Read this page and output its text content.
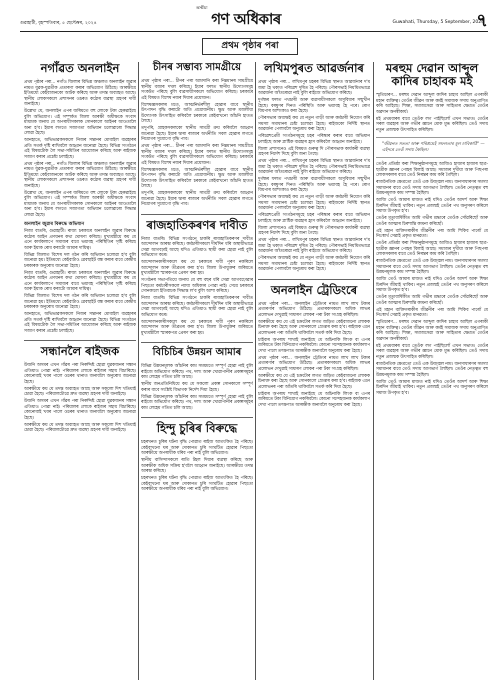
গুৱাহাটী, বৃহস্পতিবাৰ, ৫ ছেপ্টেম্বৰ, ২০২৪
অসমীয়া
গণ অধিকাৰ	Guwahati, Thursday, 5 September, 2024
৭
প্ৰথম পৃষ্ঠাৰ পৰা
নগাঁৱত অনলাইন

প্ৰথম পৃষ্ঠাৰ পৰা... নগাঁও জিলাৰ বিভিন্ন অঞ্চলত অনলাইন জুৱাৰ নামত যুৱক-যুৱতীক প্ৰতাৰণা কৰাৰ অভিযোগ উঠিছে। আৰক্ষীয়ে ইতিমধ্যে কেইবাজনকো আটক কৰিছে আৰু তদন্ত অব্যাহত আছে। স্থানীয় লোকসকলে প্ৰশাসনৰ ওচৰত কঠোৰ ব্যৱস্থা গ্ৰহণৰ দাবী জনাইছে।

উল্লেখ্য যে, অনলাইন এপৰ জৰিয়তে বহু লোকে টকা হেৰুৱাইছে বুলি অভিযোগ। এই সম্পৰ্কত জিলা আৰক্ষী অধীক্ষকে সংবাদ মাধ্যমক জনায় যে অপৰাধীসকলক সোনকালে আইনৰ আওতালৈ অনা হ'ব। ইয়াৰ লগতে সজাগতা অভিযান চলোৱাৰো সিদ্ধান্ত লোৱা হৈছে।

আনহাতে, অভিভাৱকসকলে নিজৰ সন্তানৰ মোবাইল ব্যৱহাৰৰ প্ৰতি সতৰ্ক দৃষ্টি ৰাখিবলৈ আহ্বান জনোৱা হৈছে। বিভিন্ন সংগঠনে এই বিষয়টোক লৈ সভা-সমিতিৰ আয়োজন কৰিছে আৰু ৰাইজক সজাগ কৰাৰ প্ৰচেষ্টা চলাইছে।

প্ৰথম পৃষ্ঠাৰ পৰা... নগাঁও জিলাৰ বিভিন্ন অঞ্চলত অনলাইন জুৱাৰ নামত যুৱক-যুৱতীক প্ৰতাৰণা কৰাৰ অভিযোগ উঠিছে। আৰক্ষীয়ে ইতিমধ্যে কেইবাজনকো আটক কৰিছে আৰু তদন্ত অব্যাহত আছে। স্থানীয় লোকসকলে প্ৰশাসনৰ ওচৰত কঠোৰ ব্যৱস্থা গ্ৰহণৰ দাবী জনাইছে।

উল্লেখ্য যে, অনলাইন এপৰ জৰিয়তে বহু লোকে টকা হেৰুৱাইছে বুলি অভিযোগ। এই সম্পৰ্কত জিলা আৰক্ষী অধীক্ষকে সংবাদ মাধ্যমক জনায় যে অপৰাধীসকলক সোনকালে আইনৰ আওতালৈ অনা হ'ব। ইয়াৰ লগতে সজাগতা অভিযান চলোৱাৰো সিদ্ধান্ত লোৱা হৈছে।

অনলাইন জুৱাৰ বিৰুদ্ধে অভিযান

নিজা বাতৰি, গুৱাহাটী। ৰাজ্য চৰকাৰে অনলাইন জুৱাৰ বিৰুদ্ধে কঠোৰ আইন প্ৰণয়নৰ কথা ঘোষণা কৰিছে। মুখ্যমন্ত্ৰীয়ে কয় যে এনে কাৰ্যকলাপে সমাজৰ বাবে ভয়াবহ পৰিস্থিতিৰ সৃষ্টি কৰিছে আৰু ইয়াক ৰোধ কৰাটো আমাৰ দায়িত্ব।

বিভিন্ন জিলাত বিশেষ দল গঠন কৰি অভিযান চলোৱা হ'ব বুলি জনোৱা হয়। ইতিমধ্যে কেইবাটাও ৱেবছাইট বন্ধ কৰাৰ বাবে কেন্দ্ৰীয় চৰকাৰক অনুৰোধ জনোৱা হৈছে।

নিজা বাতৰি, গুৱাহাটী। ৰাজ্য চৰকাৰে অনলাইন জুৱাৰ বিৰুদ্ধে কঠোৰ আইন প্ৰণয়নৰ কথা ঘোষণা কৰিছে। মুখ্যমন্ত্ৰীয়ে কয় যে এনে কাৰ্যকলাপে সমাজৰ বাবে ভয়াবহ পৰিস্থিতিৰ সৃষ্টি কৰিছে আৰু ইয়াক ৰোধ কৰাটো আমাৰ দায়িত্ব।

বিভিন্ন জিলাত বিশেষ দল গঠন কৰি অভিযান চলোৱা হ'ব বুলি জনোৱা হয়। ইতিমধ্যে কেইবাটাও ৱেবছাইট বন্ধ কৰাৰ বাবে কেন্দ্ৰীয় চৰকাৰক অনুৰোধ জনোৱা হৈছে।

আনহাতে, অভিভাৱকসকলে নিজৰ সন্তানৰ মোবাইল ব্যৱহাৰৰ প্ৰতি সতৰ্ক দৃষ্টি ৰাখিবলৈ আহ্বান জনোৱা হৈছে। বিভিন্ন সংগঠনে এই বিষয়টোক লৈ সভা-সমিতিৰ আয়োজন কৰিছে আৰু ৰাইজক সজাগ কৰাৰ প্ৰচেষ্টা চলাইছে।

সন্ধানলৈ ৰাইজক

উজনি অসমৰ এখন গাঁৱৰ পৰা নিৰুদ্দিষ্ট হোৱা যুৱকজনৰ সন্ধান এতিয়াও পোৱা নাই। পৰিয়ালৰ লোকে ৰাইজৰ সহায় বিচাৰিছে। কোনোবাই খবৰ পালে ওচৰৰ থানাত জনাবলৈ অনুৰোধ জনোৱা হৈছে।

আৰক্ষীয়ে কয় যে তদন্ত অব্যাহত আছে আৰু সকলো দিশ খতিয়াই চোৱা হৈছে। পৰিয়ালটোৱে দ্ৰুত ব্যৱস্থা গ্ৰহণৰ দাবী জনাইছে।

উজনি অসমৰ এখন গাঁৱৰ পৰা নিৰুদ্দিষ্ট হোৱা যুৱকজনৰ সন্ধান এতিয়াও পোৱা নাই। পৰিয়ালৰ লোকে ৰাইজৰ সহায় বিচাৰিছে। কোনোবাই খবৰ পালে ওচৰৰ থানাত জনাবলৈ অনুৰোধ জনোৱা হৈছে।

আৰক্ষীয়ে কয় যে তদন্ত অব্যাহত আছে আৰু সকলো দিশ খতিয়াই চোৱা হৈছে। পৰিয়ালটোৱে দ্ৰুত ব্যৱস্থা গ্ৰহণৰ দাবী জনাইছে।

চীনৰ সম্ভাব্য সামগ্ৰীয়ে

প্ৰথম পৃষ্ঠাৰ পৰা... চীনৰ পৰা আমদানি কৰা নিম্নমানৰ সামগ্ৰীয়ে স্থানীয় বজাৰ দখল কৰিছে। ইয়াৰ ফলত স্থানীয় উদ্যোগসমূহ সংকটত পৰিছে বুলি ব্যৱসায়ীসকলে অভিযোগ কৰিছে। চৰকাৰে এই বিষয়ত বিশেষ নজৰ দিয়াৰ প্ৰয়োজন।

বিশেষজ্ঞসকলৰ মতে, আত্মনিৰ্ভৰশীল হোৱাৰ বাবে স্থানীয় উৎপাদন বৃদ্ধি কৰাটো অতি প্ৰয়োজনীয়। ক্ষুদ্ৰ আৰু মজলীয়া উদ্যোগক উৎসাহিত কৰিবলৈ চৰকাৰে কেইবাখনো আঁচনি হাতত লৈছে।

তদুপৰি, গ্ৰাহকসকলকো স্থানীয় সামগ্ৰী ক্ৰয় কৰিবলৈ আহ্বান জনোৱা হৈছে। ইয়াৰ দ্বাৰা ৰাজ্যৰ অৰ্থনীতি সবল হোৱাৰ লগতে নিয়োগৰ সুযোগো বৃদ্ধি পাব।

প্ৰথম পৃষ্ঠাৰ পৰা... চীনৰ পৰা আমদানি কৰা নিম্নমানৰ সামগ্ৰীয়ে স্থানীয় বজাৰ দখল কৰিছে। ইয়াৰ ফলত স্থানীয় উদ্যোগসমূহ সংকটত পৰিছে বুলি ব্যৱসায়ীসকলে অভিযোগ কৰিছে। চৰকাৰে এই বিষয়ত বিশেষ নজৰ দিয়াৰ প্ৰয়োজন।

বিশেষজ্ঞসকলৰ মতে, আত্মনিৰ্ভৰশীল হোৱাৰ বাবে স্থানীয় উৎপাদন বৃদ্ধি কৰাটো অতি প্ৰয়োজনীয়। ক্ষুদ্ৰ আৰু মজলীয়া উদ্যোগক উৎসাহিত কৰিবলৈ চৰকাৰে কেইবাখনো আঁচনি হাতত লৈছে।

তদুপৰি, গ্ৰাহকসকলকো স্থানীয় সামগ্ৰী ক্ৰয় কৰিবলৈ আহ্বান জনোৱা হৈছে। ইয়াৰ দ্বাৰা ৰাজ্যৰ অৰ্থনীতি সবল হোৱাৰ লগতে নিয়োগৰ সুযোগো বৃদ্ধি পাব।

ৰাজহাতিকৰণৰ দাবীত

নিজা বাতৰি। বিভিন্ন সংগঠনে চাকৰি ৰাজহাতিকৰণৰ দাবীত আন্দোলন আৰম্ভ কৰিছে। কৰ্মচাৰীসকলে দীৰ্ঘদিন ধৰি অস্থায়ীভাৱে সেৱা আগবঢ়াই আছে যদিও এতিয়াও স্থায়ী কৰা হোৱা নাই বুলি অভিযোগ কৰে।

আন্দোলনকাৰীসকলে কয় যে চৰকাৰে দাবী পূৰণ নকৰিলে আন্দোলন আৰু তীব্ৰতৰ কৰা হ'ব। জিলা উপায়ুক্তৰ জৰিয়তে মুখ্যমন্ত্ৰীলৈ স্মাৰকপত্ৰ প্ৰেৰণ কৰা হয়।

সংগঠনৰ সভাপতিয়ে জনায় যে বহু বছৰ ধৰি সেৱা আগবঢ়োৱাৰ পিছতো কৰ্মচাৰীসকলে ন্যায্য অধিকাৰ পোৱা নাই। সেয়ে চৰকাৰে সোনকালে ইতিবাচক সিদ্ধান্ত ল'ব বুলি আশা কৰিছে।

নিজা বাতৰি। বিভিন্ন সংগঠনে চাকৰি ৰাজহাতিকৰণৰ দাবীত আন্দোলন আৰম্ভ কৰিছে। কৰ্মচাৰীসকলে দীৰ্ঘদিন ধৰি অস্থায়ীভাৱে সেৱা আগবঢ়াই আছে যদিও এতিয়াও স্থায়ী কৰা হোৱা নাই বুলি অভিযোগ কৰে।

আন্দোলনকাৰীসকলে কয় যে চৰকাৰে দাবী পূৰণ নকৰিলে আন্দোলন আৰু তীব্ৰতৰ কৰা হ'ব। জিলা উপায়ুক্তৰ জৰিয়তে মুখ্যমন্ত্ৰীলৈ স্মাৰকপত্ৰ প্ৰেৰণ কৰা হয়।

বিচিচিৰ উন্নয়ন আমাৰ

বিভিন্ন উন্নয়নমূলক আঁচনিৰ কাম সময়মতে সম্পূৰ্ণ হোৱা নাই বুলি ৰাইজে অভিযোগ কৰিছে। পথ, দলং আৰু খোৱাপানীৰ প্ৰকল্পসমূহৰ কাম লেহেম গতিত চলি আছে।

স্থানীয় জনপ্ৰতিনিধিয়ে কয় যে সকলো প্ৰকল্প সোনকালে সম্পূৰ্ণ কৰাৰ বাবে সংশ্লিষ্ট বিভাগক নিৰ্দেশ দিয়া হৈছে।

বিভিন্ন উন্নয়নমূলক আঁচনিৰ কাম সময়মতে সম্পূৰ্ণ হোৱা নাই বুলি ৰাইজে অভিযোগ কৰিছে। পথ, দলং আৰু খোৱাপানীৰ প্ৰকল্পসমূহৰ কাম লেহেম গতিত চলি আছে।

হিন্দু চুৰিৰ বিৰুদ্ধে

চহৰখনত চুৰিৰ ঘটনা বৃদ্ধি পোৱাত ৰাইজ আতংকিত হৈ পৰিছে। কেইবাখনো ঘৰ আৰু দোকানত চুৰি সংঘটিত হোৱাৰ পিছতো আৰক্ষীয়ে অপৰাধীক ধৰিব পৰা নাই বুলি অভিযোগ।

স্থানীয় বাসিন্দাসকলে ৰাতি টহল দিয়াৰ ব্যৱস্থা কৰিছে আৰু আৰক্ষীক অধিক সক্ৰিয় হ'বলৈ আহ্বান জনাইছে। আৰক্ষীয়ে তদন্ত আৰম্ভ কৰিছে।

চহৰখনত চুৰিৰ ঘটনা বৃদ্ধি পোৱাত ৰাইজ আতংকিত হৈ পৰিছে। কেইবাখনো ঘৰ আৰু দোকানত চুৰি সংঘটিত হোৱাৰ পিছতো আৰক্ষীয়ে অপৰাধীক ধৰিব পৰা নাই বুলি অভিযোগ।

লখিমপুৰত আৱৰ্জনাৰ

প্ৰথম পৃষ্ঠাৰ পৰা... লখিমপুৰ চহৰৰ বিভিন্ন স্থানত আৱৰ্জনাৰ দ'ম জমা হৈ থকাত পৰিৱেশ দূষিত হৈ পৰিছে। পৌৰসভাই নিয়মিতভাৱে আৱৰ্জনা আঁতৰোৱা নাই বুলি ৰাইজে অভিযোগ কৰিছে।

দুৰ্গন্ধৰ ফলত পথচাৰী আৰু ব্যৱসায়ীসকলে অসুবিধাৰ সন্মুখীন হৈছে। বৰষুণৰ দিনত পৰিস্থিতি আৰু ভয়াবহ হৈ পৰে। ৰোগ বিয়পাৰ আশংকাও কৰা হৈছে।

পৌৰসভাৰ অধ্যক্ষই কয় যে নতুন গাড়ী আৰু কৰ্মচাৰী নিয়োগ কৰি সমস্যা সমাধানৰ চেষ্টা চলোৱা হৈছে। ৰাইজকো নিৰ্দিষ্ট স্থানত আৱৰ্জনা পেলাবলৈ অনুৰোধ কৰা হৈছে।

পৰিৱেশপ্ৰেমী সংগঠনসমূহে চহৰ পৰিষ্কাৰ কৰাৰ বাবে অভিযান চলাইছে আৰু প্লাষ্টিক ব্যৱহাৰ হ্ৰাস কৰিবলৈ আহ্বান জনাইছে।

জিলা প্ৰশাসনেও এই বিষয়ত গুৰুত্ব দি পৌৰসভাক কাৰ্যকৰী ব্যৱস্থা গ্ৰহণৰ নিৰ্দেশ দিছে বুলি জনা গৈছে।

প্ৰথম পৃষ্ঠাৰ পৰা... লখিমপুৰ চহৰৰ বিভিন্ন স্থানত আৱৰ্জনাৰ দ'ম জমা হৈ থকাত পৰিৱেশ দূষিত হৈ পৰিছে। পৌৰসভাই নিয়মিতভাৱে আৱৰ্জনা আঁতৰোৱা নাই বুলি ৰাইজে অভিযোগ কৰিছে।

দুৰ্গন্ধৰ ফলত পথচাৰী আৰু ব্যৱসায়ীসকলে অসুবিধাৰ সন্মুখীন হৈছে। বৰষুণৰ দিনত পৰিস্থিতি আৰু ভয়াবহ হৈ পৰে। ৰোগ বিয়পাৰ আশংকাও কৰা হৈছে।

পৌৰসভাৰ অধ্যক্ষই কয় যে নতুন গাড়ী আৰু কৰ্মচাৰী নিয়োগ কৰি সমস্যা সমাধানৰ চেষ্টা চলোৱা হৈছে। ৰাইজকো নিৰ্দিষ্ট স্থানত আৱৰ্জনা পেলাবলৈ অনুৰোধ কৰা হৈছে।

পৰিৱেশপ্ৰেমী সংগঠনসমূহে চহৰ পৰিষ্কাৰ কৰাৰ বাবে অভিযান চলাইছে আৰু প্লাষ্টিক ব্যৱহাৰ হ্ৰাস কৰিবলৈ আহ্বান জনাইছে।

জিলা প্ৰশাসনেও এই বিষয়ত গুৰুত্ব দি পৌৰসভাক কাৰ্যকৰী ব্যৱস্থা গ্ৰহণৰ নিৰ্দেশ দিছে বুলি জনা গৈছে।

প্ৰথম পৃষ্ঠাৰ পৰা... লখিমপুৰ চহৰৰ বিভিন্ন স্থানত আৱৰ্জনাৰ দ'ম জমা হৈ থকাত পৰিৱেশ দূষিত হৈ পৰিছে। পৌৰসভাই নিয়মিতভাৱে আৱৰ্জনা আঁতৰোৱা নাই বুলি ৰাইজে অভিযোগ কৰিছে।

পৌৰসভাৰ অধ্যক্ষই কয় যে নতুন গাড়ী আৰু কৰ্মচাৰী নিয়োগ কৰি সমস্যা সমাধানৰ চেষ্টা চলোৱা হৈছে। ৰাইজকো নিৰ্দিষ্ট স্থানত আৱৰ্জনা পেলাবলৈ অনুৰোধ কৰা হৈছে।

অনলাইন ট্ৰেডিংৰে

প্ৰথম পৃষ্ঠাৰ পৰা... অনলাইন ট্ৰেডিংৰ নামত লাখ লাখ টকাৰ প্ৰতাৰণাৰ অভিযোগ উঠিছে। প্ৰতাৰকসকলে অধিক লাভৰ প্ৰলোভন দেখুৱাই সাধাৰণ লোকৰ পৰা টকা সংগ্ৰহ কৰিছিল।

আৰক্ষীয়ে কয় যে এই চক্ৰটোৰ লগত জড়িত কেইবাজনো লোকক চিনাক্ত কৰা হৈছে আৰু সোনকালে গ্ৰেপ্তাৰ কৰা হ'ব। ৰাইজক এনে প্ৰলোভনৰ পৰা আঁতৰি থাকিবলৈ সতৰ্ক কৰি দিয়া হৈছে।

চাইবাৰ অপৰাধ শাখাই জনাইছে যে অচিনাকি লিংক বা এপৰ জৰিয়তে টকা বিনিয়োগ নকৰিবলৈ। কোনো সন্দেহজনক কাৰ্যকলাপ দেখা পালে তৎক্ষণাত আৰক্ষীক জনাবলৈ অনুৰোধ কৰা হৈছে।

প্ৰথম পৃষ্ঠাৰ পৰা... অনলাইন ট্ৰেডিংৰ নামত লাখ লাখ টকাৰ প্ৰতাৰণাৰ অভিযোগ উঠিছে। প্ৰতাৰকসকলে অধিক লাভৰ প্ৰলোভন দেখুৱাই সাধাৰণ লোকৰ পৰা টকা সংগ্ৰহ কৰিছিল।

আৰক্ষীয়ে কয় যে এই চক্ৰটোৰ লগত জড়িত কেইবাজনো লোকক চিনাক্ত কৰা হৈছে আৰু সোনকালে গ্ৰেপ্তাৰ কৰা হ'ব। ৰাইজক এনে প্ৰলোভনৰ পৰা আঁতৰি থাকিবলৈ সতৰ্ক কৰি দিয়া হৈছে।

চাইবাৰ অপৰাধ শাখাই জনাইছে যে অচিনাকি লিংক বা এপৰ জৰিয়তে টকা বিনিয়োগ নকৰিবলৈ। কোনো সন্দেহজনক কাৰ্যকলাপ দেখা পালে তৎক্ষণাত আৰক্ষীক জনাবলৈ অনুৰোধ কৰা হৈছে।

মৰহুম দেৱান আব্দুল কাদিৰ চাহাবক মই

স্মৃতিচাৰণ... মৰহুম দেৱান আব্দুল কাদিৰ চাহাব আছিল এগৰাকী মহান ব্যক্তিত্ব। তেওঁৰ জীৱন আৰু কৰ্মই সমাজক সদায় অনুপ্ৰাণিত কৰি আহিছে। শিক্ষা, সমাজসেৱা আৰু সাহিত্যৰ ক্ষেত্ৰত তেওঁৰ অৱদান অনস্বীকাৰ্য।

মই প্ৰথমবাৰৰ বাবে তেওঁক লগ পাইছিলোঁ এখন সভাত। তেওঁৰ সৰল ব্যৱহাৰ আৰু গভীৰ জ্ঞানে মোক মুগ্ধ কৰিছিল। তেওঁ সদায় নতুন প্ৰজন্মক উৎসাহিত কৰিছিল।

"জীৱনত সততা আৰু পৰিশ্ৰমেই সফলতাৰ মূল চাবিকাঠি" — এইদৰে তেওঁ সদায় কৈছিল।

তেওঁৰ প্ৰতিষ্ঠা কৰা শিক্ষানুষ্ঠানসমূহে আজিও হাজাৰ হাজাৰ ছাত্ৰ-ছাত্ৰীক জ্ঞানৰ পোহৰ বিলাই আছে। সমাজৰ দুখীয়া আৰু পিছপৰা লোকসকলৰ বাবে তেওঁ নিৰন্তৰ কাম কৰি গৈছিল।

ৰাজনৈতিক ক্ষেত্ৰতো তেওঁ এক উজ্জ্বল নাম। জনসাধাৰণৰ সমস্যা সমাধানৰ বাবে তেওঁ সদায় আগভাগ লৈছিল। তেওঁৰ নেতৃত্বত বহু উন্নয়নমূলক কাম সম্পন্ন হৈছিল।

আজি তেওঁ আমাৰ মাজত নাই যদিও তেওঁৰ আদৰ্শ আৰু শিক্ষা চিৰদিন জীয়াই থাকিব। নতুন প্ৰজন্মই তেওঁৰ পথ অনুসৰণ কৰিলে সমাজ উপকৃত হ'ব।

তেওঁৰ মৃত্যুবাৰ্ষিকীত আমি গভীৰ শ্ৰদ্ধাৰে তেওঁক সোঁৱৰিছোঁ আৰু তেওঁৰ আত্মাৰ চিৰশান্তি কামনা কৰিছোঁ।

এই মহান ব্যক্তিগৰাকীৰ জীৱনীৰ পৰা আমি শিকিব পাৰোঁ যে নিঃস্বাৰ্থ সেৱাই প্ৰকৃত মানৱতা।

তেওঁৰ প্ৰতিষ্ঠা কৰা শিক্ষানুষ্ঠানসমূহে আজিও হাজাৰ হাজাৰ ছাত্ৰ-ছাত্ৰীক জ্ঞানৰ পোহৰ বিলাই আছে। সমাজৰ দুখীয়া আৰু পিছপৰা লোকসকলৰ বাবে তেওঁ নিৰন্তৰ কাম কৰি গৈছিল।

ৰাজনৈতিক ক্ষেত্ৰতো তেওঁ এক উজ্জ্বল নাম। জনসাধাৰণৰ সমস্যা সমাধানৰ বাবে তেওঁ সদায় আগভাগ লৈছিল। তেওঁৰ নেতৃত্বত বহু উন্নয়নমূলক কাম সম্পন্ন হৈছিল।

আজি তেওঁ আমাৰ মাজত নাই যদিও তেওঁৰ আদৰ্শ আৰু শিক্ষা চিৰদিন জীয়াই থাকিব। নতুন প্ৰজন্মই তেওঁৰ পথ অনুসৰণ কৰিলে সমাজ উপকৃত হ'ব।

তেওঁৰ মৃত্যুবাৰ্ষিকীত আমি গভীৰ শ্ৰদ্ধাৰে তেওঁক সোঁৱৰিছোঁ আৰু তেওঁৰ আত্মাৰ চিৰশান্তি কামনা কৰিছোঁ।

এই মহান ব্যক্তিগৰাকীৰ জীৱনীৰ পৰা আমি শিকিব পাৰোঁ যে নিঃস্বাৰ্থ সেৱাই প্ৰকৃত মানৱতা।

স্মৃতিচাৰণ... মৰহুম দেৱান আব্দুল কাদিৰ চাহাব আছিল এগৰাকী মহান ব্যক্তিত্ব। তেওঁৰ জীৱন আৰু কৰ্মই সমাজক সদায় অনুপ্ৰাণিত কৰি আহিছে। শিক্ষা, সমাজসেৱা আৰু সাহিত্যৰ ক্ষেত্ৰত তেওঁৰ অৱদান অনস্বীকাৰ্য।

মই প্ৰথমবাৰৰ বাবে তেওঁক লগ পাইছিলোঁ এখন সভাত। তেওঁৰ সৰল ব্যৱহাৰ আৰু গভীৰ জ্ঞানে মোক মুগ্ধ কৰিছিল। তেওঁ সদায় নতুন প্ৰজন্মক উৎসাহিত কৰিছিল।

ৰাজনৈতিক ক্ষেত্ৰতো তেওঁ এক উজ্জ্বল নাম। জনসাধাৰণৰ সমস্যা সমাধানৰ বাবে তেওঁ সদায় আগভাগ লৈছিল। তেওঁৰ নেতৃত্বত বহু উন্নয়নমূলক কাম সম্পন্ন হৈছিল।

আজি তেওঁ আমাৰ মাজত নাই যদিও তেওঁৰ আদৰ্শ আৰু শিক্ষা চিৰদিন জীয়াই থাকিব। নতুন প্ৰজন্মই তেওঁৰ পথ অনুসৰণ কৰিলে সমাজ উপকৃত হ'ব।
